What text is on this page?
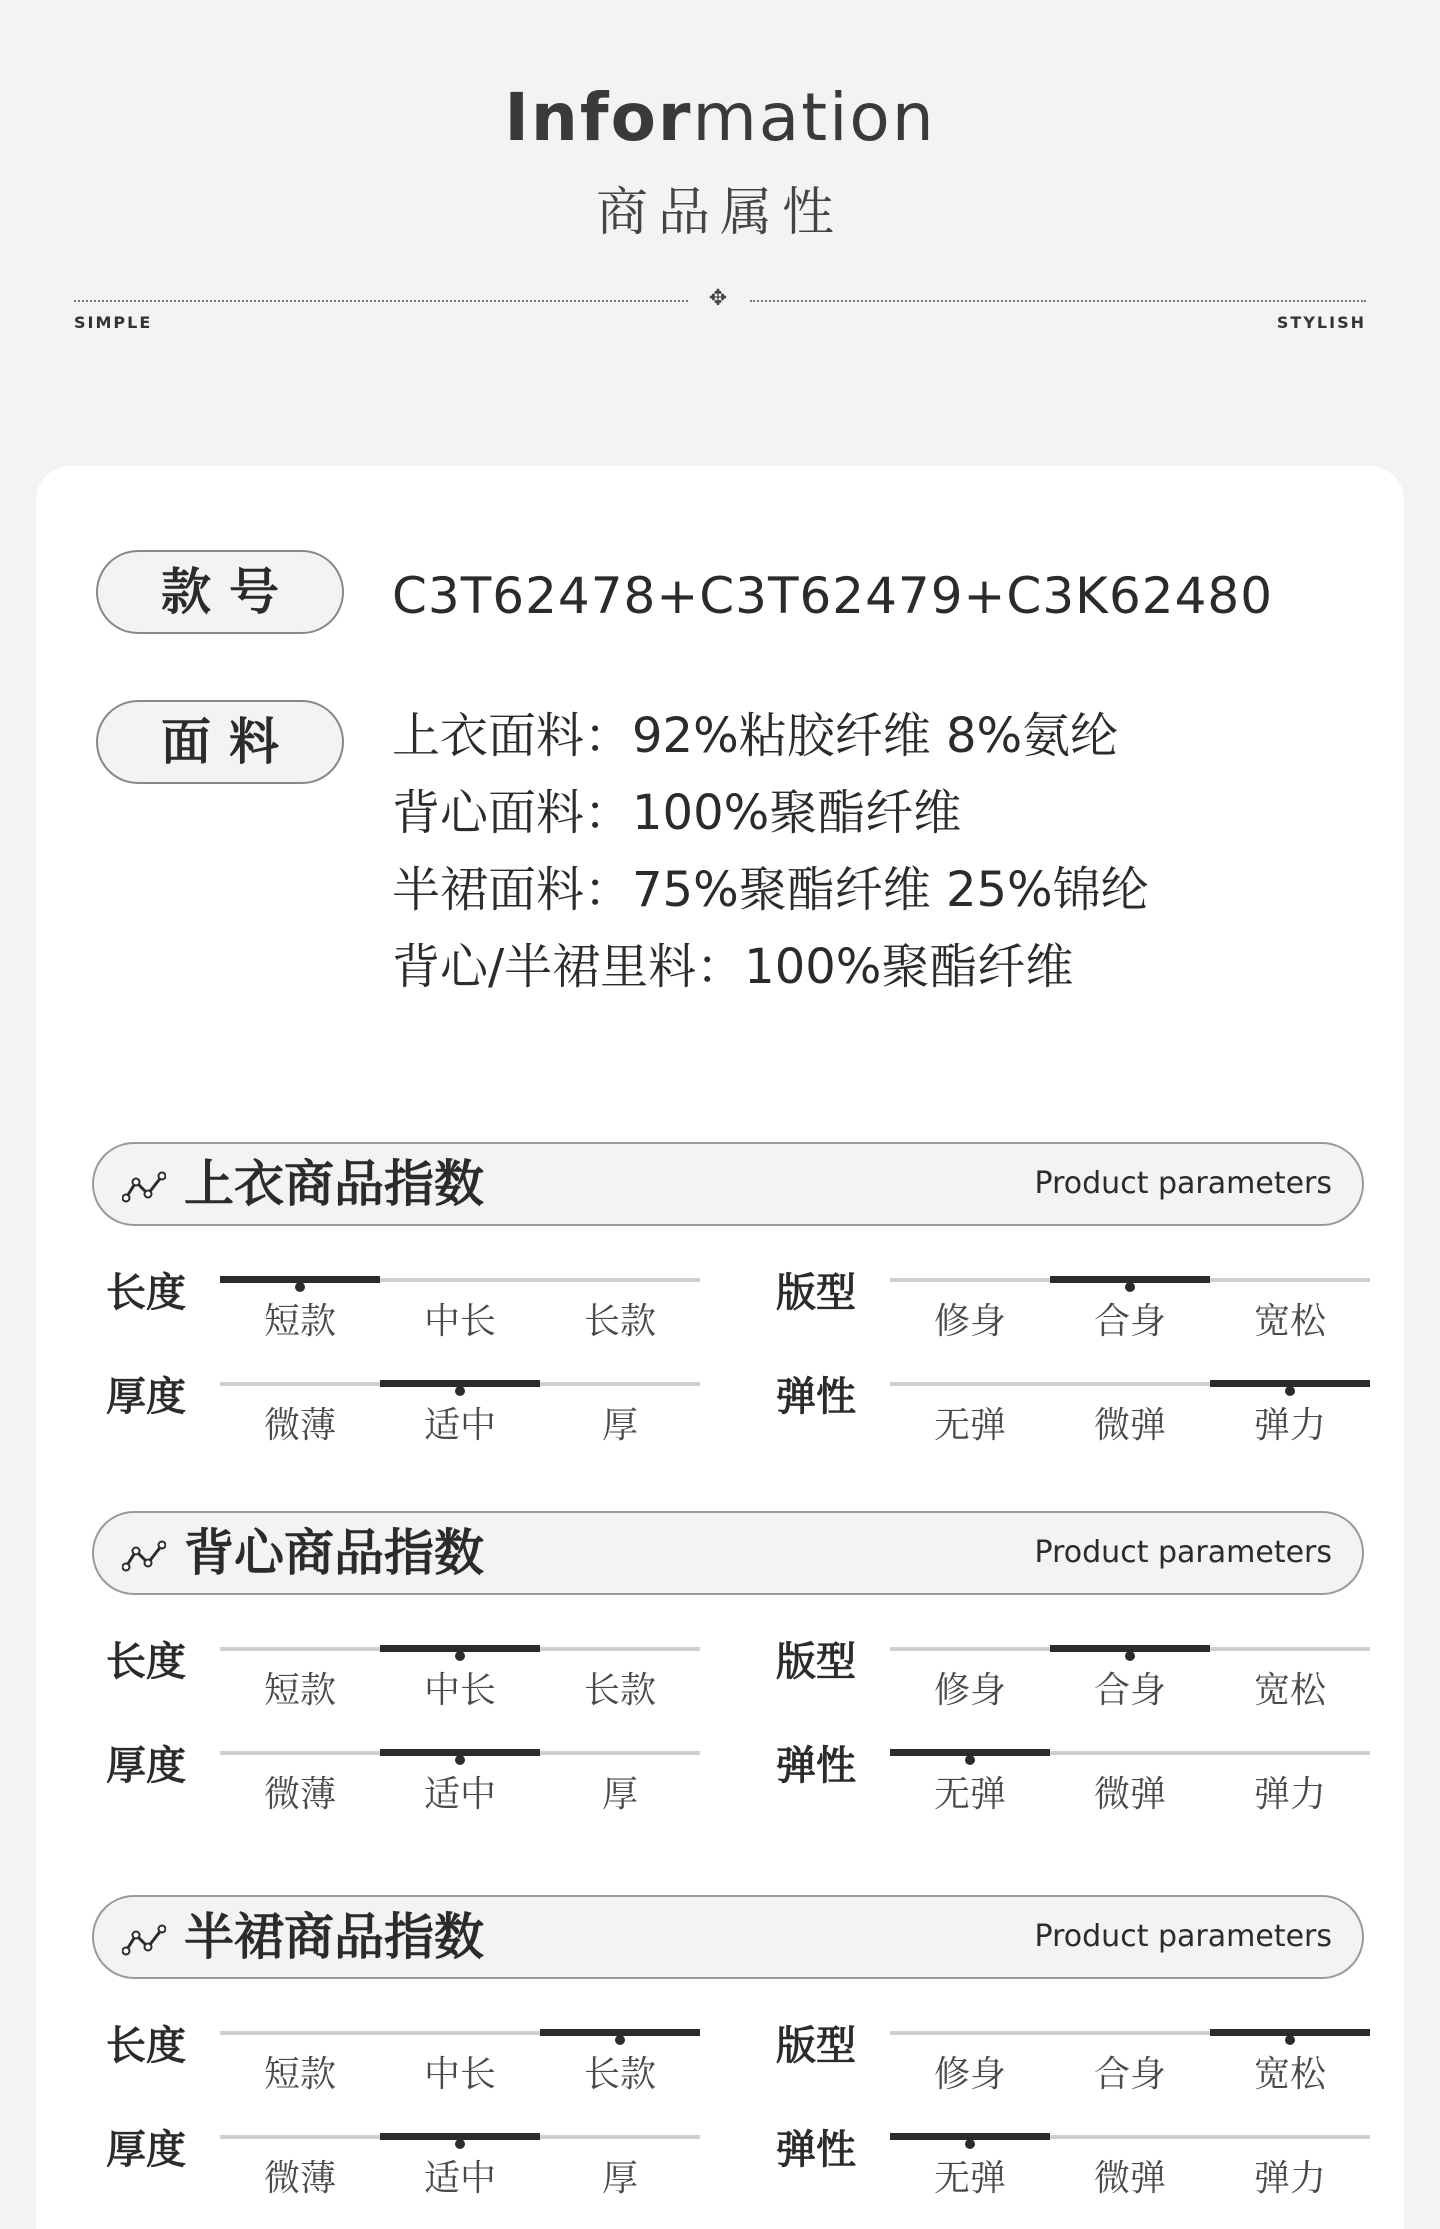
Information
商品属性
✥
SIMPLE	STYLISH
款号	C3T62478+C3T62479+C3K62480
面料	上衣面料：92%粘胶纤维 8%氨纶
背心面料：100%聚酯纤维
半裙面料：75%聚酯纤维 25%锦纶
背心/半裙里料：100%聚酯纤维
上衣商品指数	Product parameters
长度
短款	中长	长款
版型
修身	合身	宽松
厚度
微薄	适中	厚
弹性
无弹	微弹	弹力
背心商品指数	Product parameters
长度
短款	中长	长款
版型
修身	合身	宽松
厚度
微薄	适中	厚
弹性
无弹	微弹	弹力
半裙商品指数	Product parameters
长度
短款	中长	长款
版型
修身	合身	宽松
厚度
微薄	适中	厚
弹性
无弹	微弹	弹力
